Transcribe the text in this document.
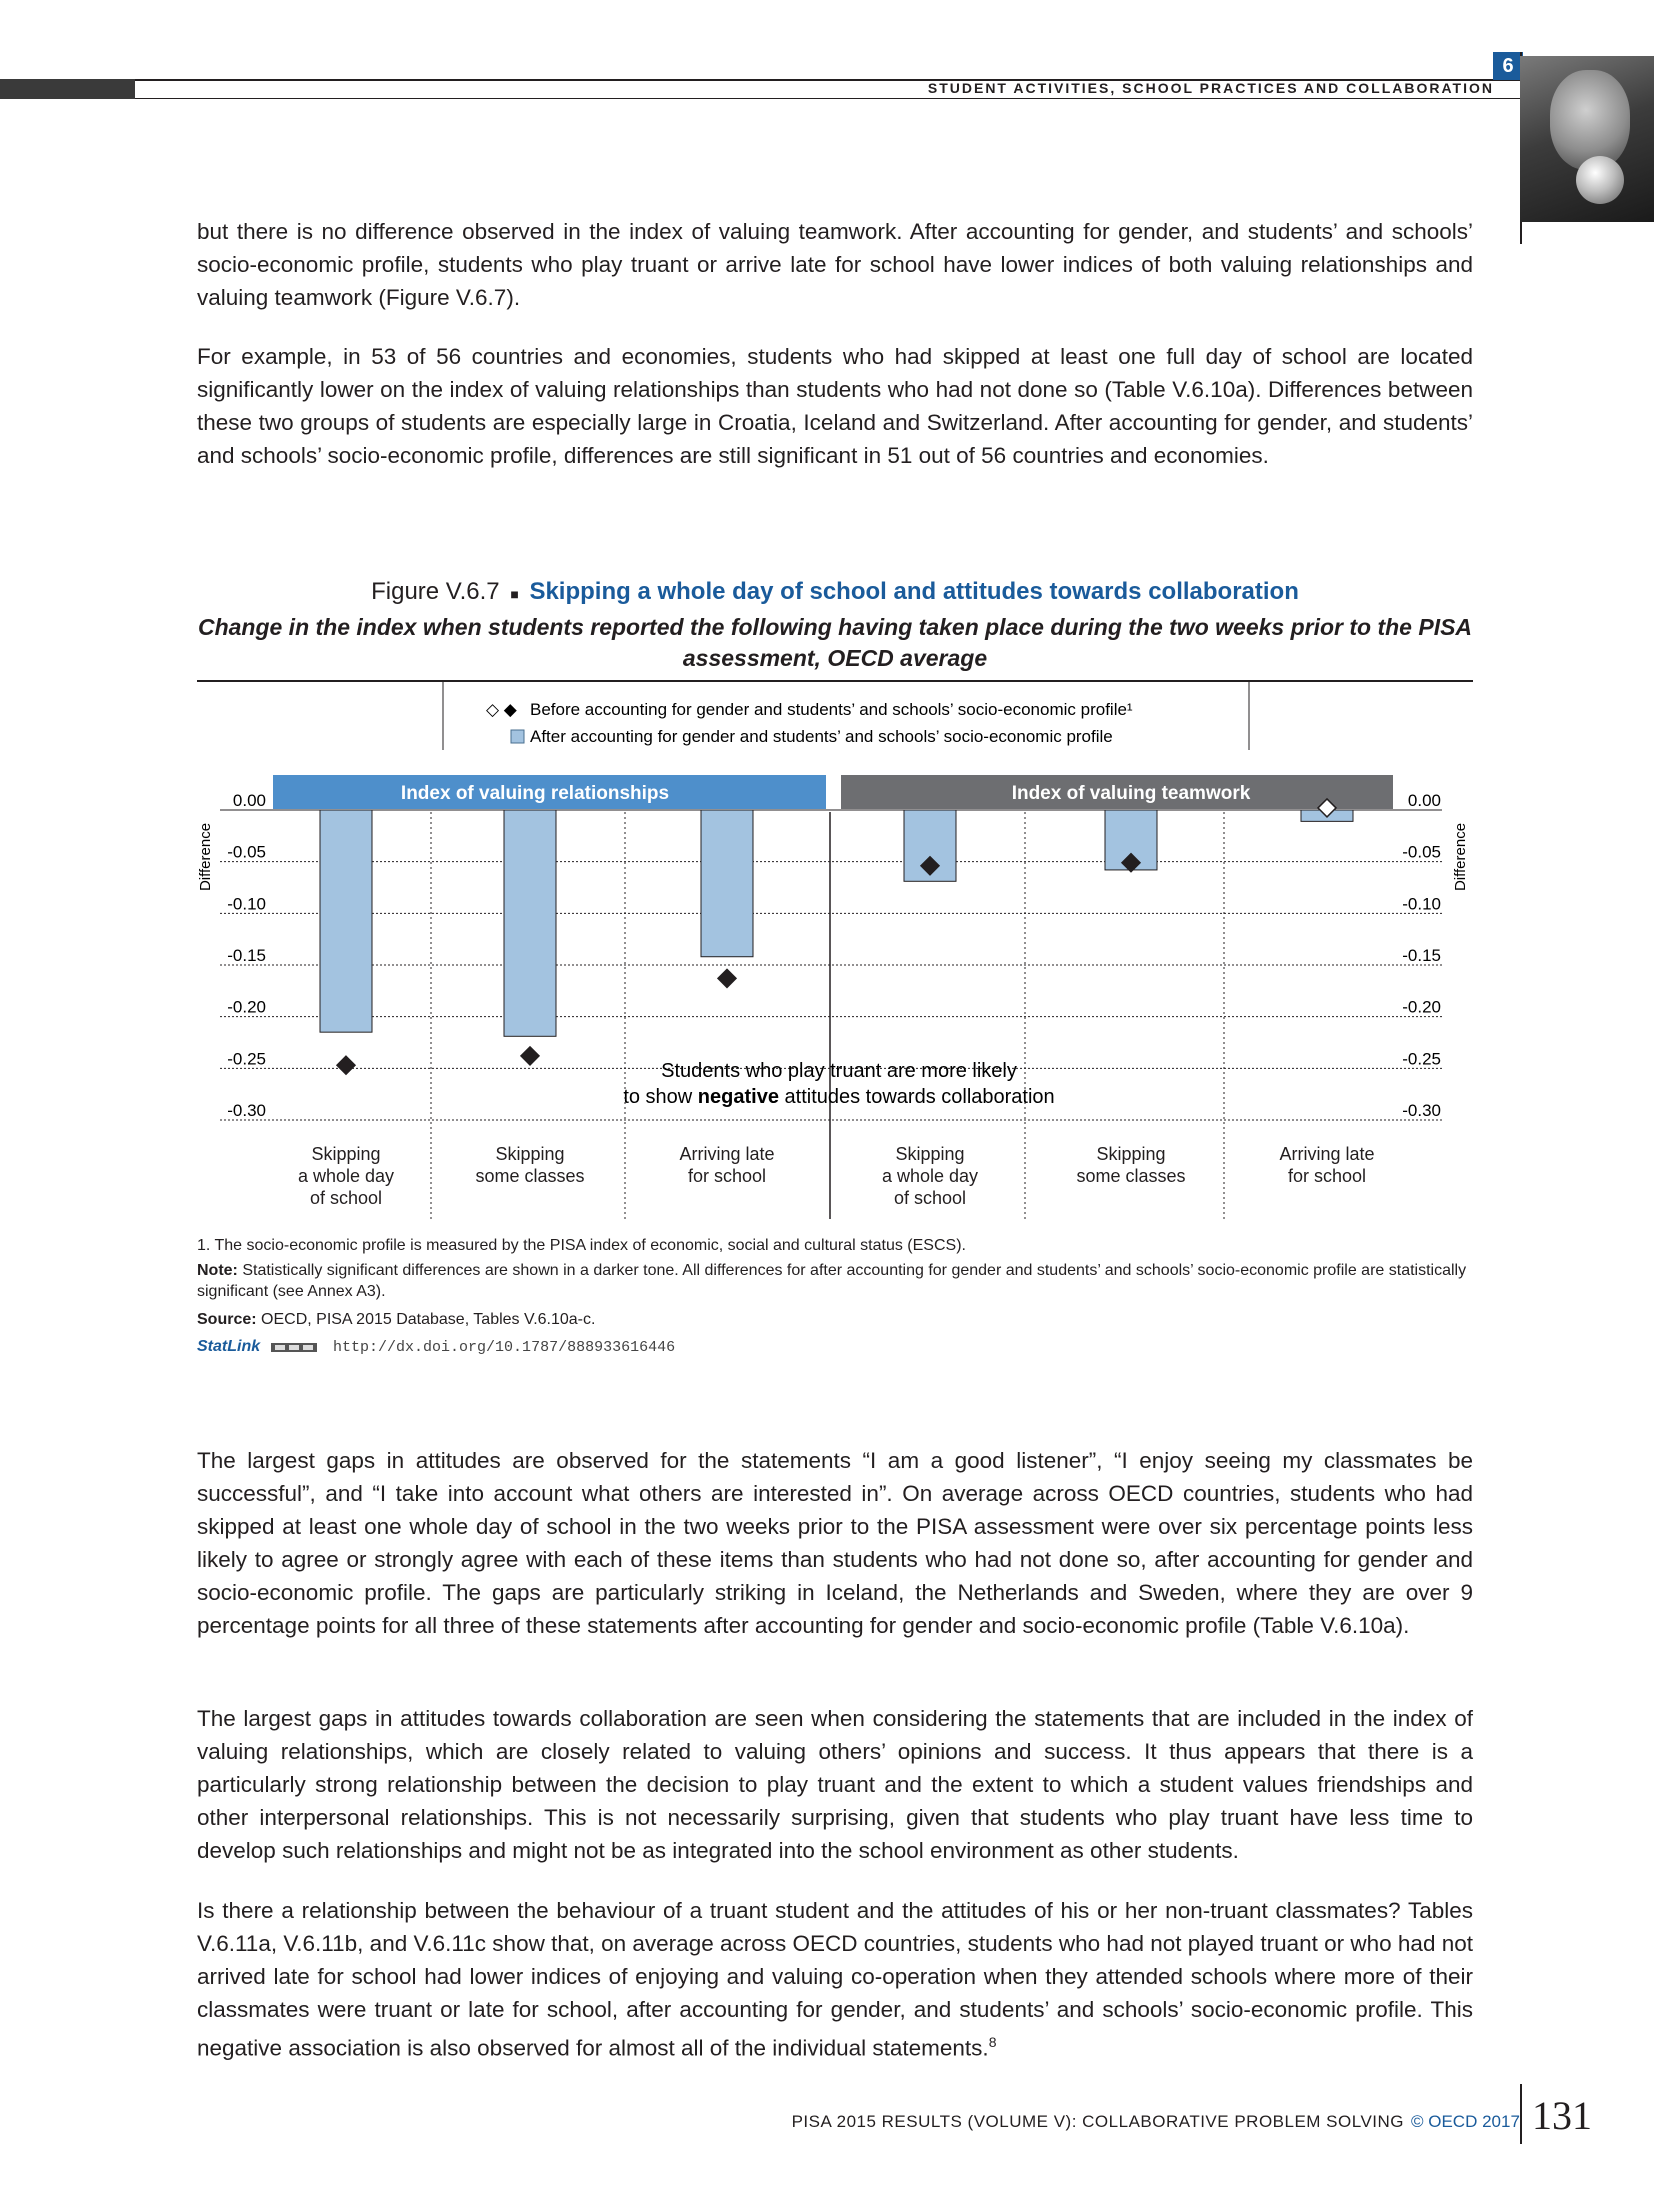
STUDENT ACTIVITIES, SCHOOL PRACTICES AND COLLABORATION
6

but there is no difference observed in the index of valuing teamwork. After accounting for gender, and students’ and schools’ socio-economic profile, students who play truant or arrive late for school have lower indices of both valuing relationships and valuing teamwork (Figure V.6.7).

For example, in 53 of 56 countries and economies, students who had skipped at least one full day of school are located significantly lower on the index of valuing relationships than students who had not done so (Table V.6.10a). Differences between these two groups of students are especially large in Croatia, Iceland and Switzerland. After accounting for gender, and students’ and schools’ socio-economic profile, differences are still significant in 51 out of 56 countries and economies.

Figure V.6.7 ■ Skipping a whole day of school and attitudes towards collaboration
Change in the index when students reported the following having taken place during the two weeks prior to the PISA assessment, OECD average
◇ ◆ Before accounting for gender and students’ and schools’ socio-economic profile¹
After accounting for gender and students’ and schools’ socio-economic profile
Index of valuing relationships	Index of valuing teamwork
Difference	Difference
0.00	0.00
-0.05	-0.05
-0.10	-0.10
-0.15	-0.15
-0.20	-0.20
-0.25	-0.25
-0.30	-0.30
Students who play truant are more likely
to show negative attitudes towards collaboration
Skipping
a whole day
of school
Skipping
some classes
Arriving late
for school
Skipping
a whole day
of school
Skipping
some classes
Arriving late
for school
1. The socio-economic profile is measured by the PISA index of economic, social and cultural status (ESCS).
Note: Statistically significant differences are shown in a darker tone. All differences for after accounting for gender and students’ and schools’ socio-economic profile are statistically significant (see Annex A3).
Source: OECD, PISA 2015 Database, Tables V.6.10a-c.
StatLink	http://dx.doi.org/10.1787/888933616446

The largest gaps in attitudes are observed for the statements “I am a good listener”, “I enjoy seeing my classmates be successful”, and “I take into account what others are interested in”. On average across OECD countries, students who had skipped at least one whole day of school in the two weeks prior to the PISA assessment were over six percentage points less likely to agree or strongly agree with each of these items than students who had not done so, after accounting for gender and socio-economic profile. The gaps are particularly striking in Iceland, the Netherlands and Sweden, where they are over 9 percentage points for all three of these statements after accounting for gender and socio-economic profile (Table V.6.10a).

The largest gaps in attitudes towards collaboration are seen when considering the statements that are included in the index of valuing relationships, which are closely related to valuing others’ opinions and success. It thus appears that there is a particularly strong relationship between the decision to play truant and the extent to which a student values friendships and other interpersonal relationships. This is not necessarily surprising, given that students who play truant have less time to develop such relationships and might not be as integrated into the school environment as other students.

Is there a relationship between the behaviour of a truant student and the attitudes of his or her non-truant classmates? Tables V.6.11a, V.6.11b, and V.6.11c show that, on average across OECD countries, students who had not played truant or who had not arrived late for school had lower indices of enjoying and valuing co-operation when they attended schools where more of their classmates were truant or late for school, after accounting for gender, and students’ and schools’ socio-economic profile. This negative association is also observed for almost all of the individual statements.$^8$

PISA 2015 RESULTS (VOLUME V): COLLABORATIVE PROBLEM SOLVING © OECD 2017 131
